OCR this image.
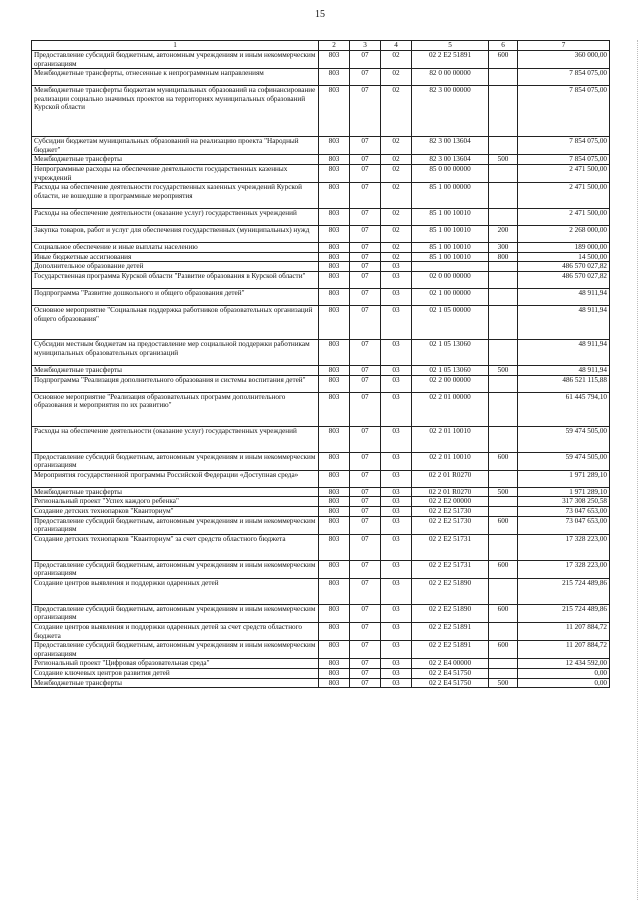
15
1	2	3	4	5	6	7
Предоставление субсидий бюджетным, автономным учреждениям и иным некоммерческим организациям	803	07	02	02 2 E2 51891	600	360 000,00
Межбюджетные трансферты, отнесенные к непрограммным направлениям	803	07	02	82 0 00 00000		7 854 075,00
Межбюджетные трансферты бюджетам муниципальных образований на софинансирование реализации социально значимых проектов на территориях муниципальных образований Курской области	803	07	02	82 3 00 00000		7 854 075,00
Субсидии бюджетам муниципальных образований на реализацию проекта "Народный бюджет"	803	07	02	82 3 00 13604		7 854 075,00
Межбюджетные трансферты	803	07	02	82 3 00 13604	500	7 854 075,00
Непрограммные расходы на обеспечение деятельности государственных казенных учреждений	803	07	02	85 0 00 00000		2 471 500,00
Расходы на обеспечение деятельности государственных казенных учреждений Курской области, не вошедшие в программные мероприятия	803	07	02	85 1 00 00000		2 471 500,00
Расходы на обеспечение деятельности (оказание услуг) государственных учреждений	803	07	02	85 1 00 10010		2 471 500,00
Закупка товаров, работ и услуг для обеспечения государственных (муниципальных) нужд	803	07	02	85 1 00 10010	200	2 268 000,00
Социальное обеспечение и иные выплаты населению	803	07	02	85 1 00 10010	300	189 000,00
Иные бюджетные ассигнования	803	07	02	85 1 00 10010	800	14 500,00
Дополнительное образование детей	803	07	03			486 570 027,82
Государственная программа Курской области "Развитие образования в Курской области"	803	07	03	02 0 00 00000		486 570 027,82
Подпрограмма "Развитие дошкольного и общего образования детей"	803	07	03	02 1 00 00000		48 911,94
Основное мероприятие "Социальная поддержка работников образовательных организаций общего образования"	803	07	03	02 1 05 00000		48 911,94
Субсидии местным бюджетам на предоставление мер социальной поддержки работникам муниципальных образовательных организаций	803	07	03	02 1 05 13060		48 911,94
Межбюджетные трансферты	803	07	03	02 1 05 13060	500	48 911,94
Подпрограмма "Реализация дополнительного образования и системы воспитания детей"	803	07	03	02 2 00 00000		486 521 115,88
Основное мероприятие "Реализация образовательных программ дополнительного образования и мероприятия по их развитию"	803	07	03	02 2 01 00000		61 445 794,10
Расходы на обеспечение деятельности (оказание услуг) государственных учреждений	803	07	03	02 2 01 10010		59 474 505,00
Предоставление субсидий бюджетным, автономным учреждениям и иным некоммерческим организациям	803	07	03	02 2 01 10010	600	59 474 505,00
Мероприятия государственной программы Российской Федерации «Доступная среда»	803	07	03	02 2 01 R0270		1 971 289,10
Межбюджетные трансферты	803	07	03	02 2 01 R0270	500	1 971 289,10
Региональный проект "Успех каждого ребенка"	803	07	03	02 2 E2 00000		317 308 250,58
Создание детских технопарков "Кванториум"	803	07	03	02 2 E2 51730		73 047 653,00
Предоставление субсидий бюджетным, автономным учреждениям и иным некоммерческим организациям	803	07	03	02 2 E2 51730	600	73 047 653,00
Создание детских технопарков "Кванториум" за счет средств областного бюджета	803	07	03	02 2 E2 51731		17 328 223,00
Предоставление субсидий бюджетным, автономным учреждениям и иным некоммерческим организациям	803	07	03	02 2 E2 51731	600	17 328 223,00
Создание центров выявления и поддержки одаренных детей	803	07	03	02 2 E2 51890		215 724 489,86
Предоставление субсидий бюджетным, автономным учреждениям и иным некоммерческим организациям	803	07	03	02 2 E2 51890	600	215 724 489,86
Создание центров выявления и поддержки одаренных детей за счет средств областного бюджета	803	07	03	02 2 E2 51891		11 207 884,72
Предоставление субсидий бюджетным, автономным учреждениям и иным некоммерческим организациям	803	07	03	02 2 E2 51891	600	11 207 884,72
Региональный проект "Цифровая образовательная среда"	803	07	03	02 2 E4 00000		12 434 592,00
Создание ключевых центров развития детей	803	07	03	02 2 E4 51750		0,00
Межбюджетные трансферты	803	07	03	02 2 E4 51750	500	0,00
